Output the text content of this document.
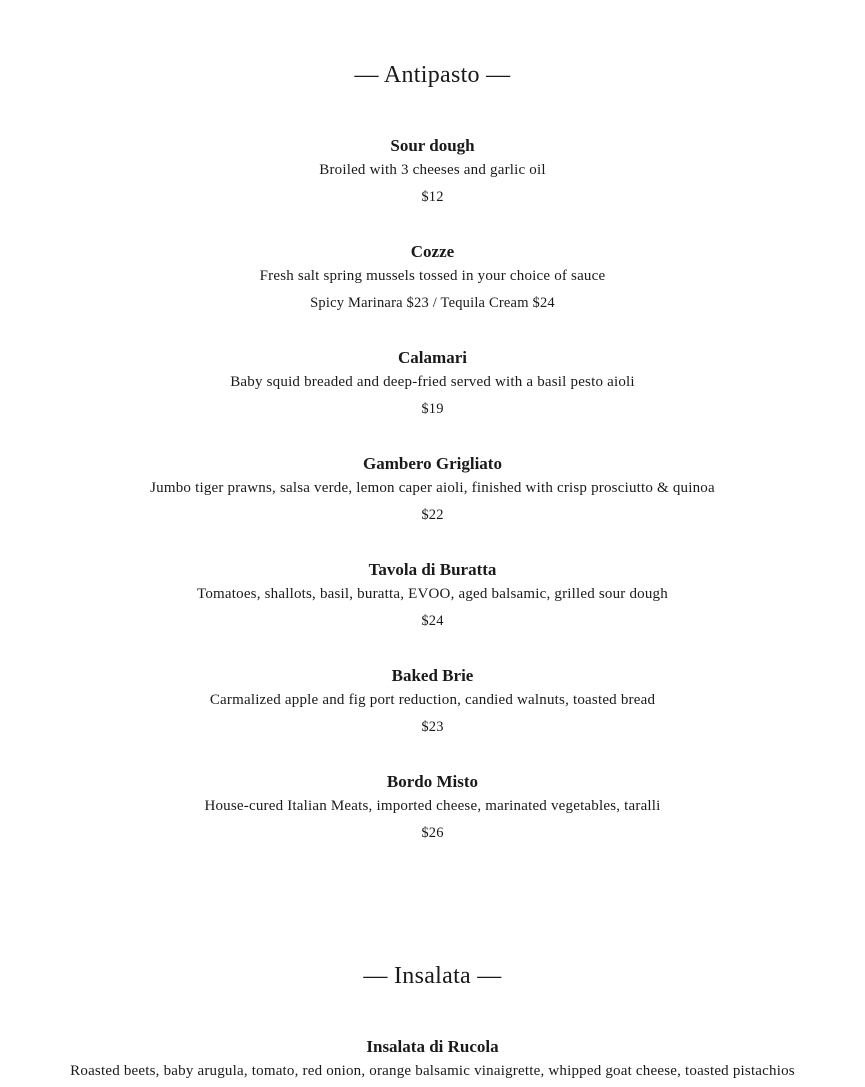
— Antipasto —

Sour dough

Broiled with 3 cheeses and garlic oil

$12

Cozze

Fresh salt spring mussels tossed in your choice of sauce

Spicy Marinara $23 / Tequila Cream $24

Calamari

Baby squid breaded and deep-fried served with a basil pesto aioli

$19

Gambero Grigliato

Jumbo tiger prawns, salsa verde, lemon caper aioli, finished with crisp prosciutto & quinoa

$22

Tavola di Buratta

Tomatoes, shallots, basil, buratta, EVOO, aged balsamic, grilled sour dough

$24

Baked Brie

Carmalized apple and fig port reduction, candied walnuts, toasted bread

$23

Bordo Misto

House-cured Italian Meats, imported cheese, marinated vegetables, taralli

$26

— Insalata —

Insalata di Rucola

Roasted beets, baby arugula, tomato, red onion, orange balsamic vinaigrette, whipped goat cheese, toasted pistachios
